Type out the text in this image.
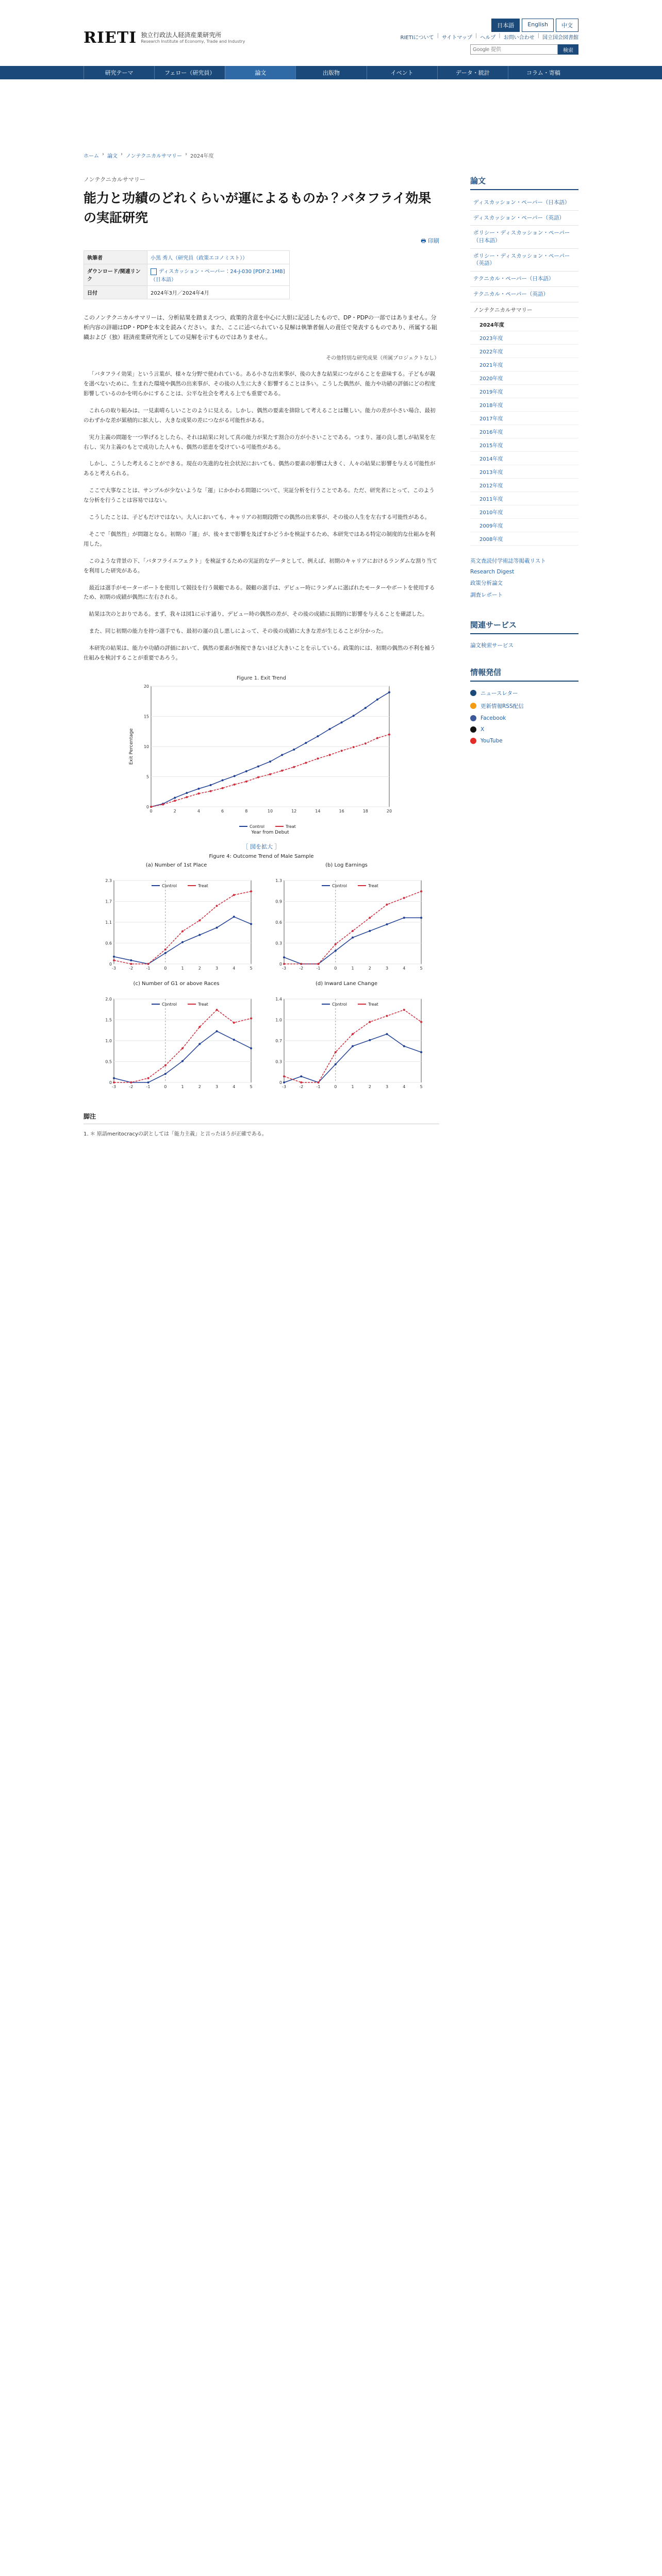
RIETI 独立行政法人経済産業研究所
Research Institute of Economy, Trade and Industry
日本語	English	中文
RIETIについて | サイトマップ | ヘルプ | お問い合わせ | 国立国会図書館
Google 提供
検索
研究テーマ	フェロー（研究員）	論文	出版物	イベント	データ・統計	コラム・寄稿
ホーム › 論文 › ノンテクニカルサマリー › 2024年度
ノンテクニカルサマリー
能力と功績のどれくらいが運によるものか？バタフライ効果の実証研究
🖶 印刷
執筆者	小黒 秀人（研究員（政策エコノミスト））
ダウンロード/関連リンク	ディスカッション・ペーパー：24-J-030 [PDF:2.1MB]（日本語）
日付	2024年3月／2024年4月

このノンテクニカルサマリーは、分析結果を踏まえつつ、政策的含意を中心に大胆に記述したもので、DP・PDPの一部ではありません。分析内容の詳細はDP・PDPを本文を読みください。また、ここに述べられている見解は執筆者個人の責任で発表するものであり、所属する組織および（独）経済産業研究所としての見解を示すものではありません。

その他特別な研究成果（所属プロジェクトなし）

「バタフライ効果」という言葉が、様々な分野で使われている。ある小さな出来事が、後の大きな結果につながることを意味する。子どもが親を選べないために、生まれた環境や偶然の出来事が、その後の人生に大きく影響することは多い。こうした偶然が、能力や功績の評価にどの程度影響しているのかを明らかにすることは、公平な社会を考える上でも重要である。

これらの取り組みは、一見素晴らしいことのように見える。しかし、偶然の要素を排除して考えることは難しい。能力の差が小さい場合、最初のわずかな差が累積的に拡大し、大きな成果の差につながる可能性がある。

実力主義の問題を一つ挙げるとしたら、それは結果に対して真の能力が果たす割合の方が小さいことである。つまり、運の良し悪しが結果を左右し、実力主義のもとで成功した人々も、偶然の恩恵を受けている可能性がある。

しかし、こうした考えることができる。現在の先進的な社会状況においても、偶然の要素の影響は大きく、人々の結果に影響を与える可能性があると考えられる。

ここで大事なことは、サンプルが少ないような「運」にかかわる問題について、実証分析を行うことである。ただ、研究者にとって、このような分析を行うことは容易ではない。

こうしたことは、子どもだけではない。大人においても、キャリアの初期段階での偶然の出来事が、その後の人生を左右する可能性がある。

そこで「偶然性」が問題となる。初期の「運」が、後々まで影響を及ぼすかどうかを検証するため、本研究ではある特定の制度的な仕組みを利用した。

このような背景の下、「バタフライエフェクト」を検証するための実証的なデータとして、例えば、初期のキャリアにおけるランダムな割り当てを利用した研究がある。

最近は選手がモーターボートを使用して競技を行う競艇である。競艇の選手は、デビュー時にランダムに選ばれたモーターやボートを使用するため、初期の成績が偶然に左右される。

結果は次のとおりである。まず、我々は図1に示す通り、デビュー時の偶然の差が、その後の成績に長期的に影響を与えることを確認した。

また、同じ初期の能力を持つ選手でも、最初の運の良し悪しによって、その後の成績に大きな差が生じることが分かった。

本研究の結果は、能力や功績の評価において、偶然の要素が無視できないほど大きいことを示している。政策的には、初期の偶然の不利を補う仕組みを検討することが重要であろう。

Figure 1. Exit Trend
0
5
10
15
20
0	2	4	6	8	10	12	14	16	18	20
Year from Debut
Exit Percentage
Control	Treat
［ 図を拡大 ］
Figure 4: Outcome Trend of Male Sample
(a) Number of 1st Place
0
0.6
1.1
1.7
2.3
-3	-2	-1	0	1	2	3	4	5
Control	Treat
(b) Log Earnings
0
0.3
0.6
0.9
1.3
-3	-2	-1	0	1	2	3	4	5
Control	Treat
(c) Number of G1 or above Races
0
0.5
1.0
1.5
2.0
-3	-2	-1	0	1	2	3	4	5
Control	Treat
(d) Inward Lane Change
0
0.3
0.7
1.0
1.4
-3	-2	-1	0	1	2	3	4	5
Control	Treat
脚注
1. ＊ 原語meritocracyの訳としては「能力主義」と言ったほうが正確である。
論文
ディスカッション・ペーパー（日本語）
ディスカッション・ペーパー（英語）
ポリシー・ディスカッション・ペーパー（日本語）
ポリシー・ディスカッション・ペーパー（英語）
テクニカル・ペーパー（日本語）
テクニカル・ペーパー（英語）
ノンテクニカルサマリー
2024年度
2023年度
2022年度
2021年度
2020年度
2019年度
2018年度
2017年度
2016年度
2015年度
2014年度
2013年度
2012年度
2011年度
2010年度
2009年度
2008年度
英文査読付学術誌等掲載リスト
Research Digest
政策分析論文
調査レポート
関連サービス
論文検索サービス
情報発信
ニュースレター
更新情報RSS配信
Facebook
X
YouTube
